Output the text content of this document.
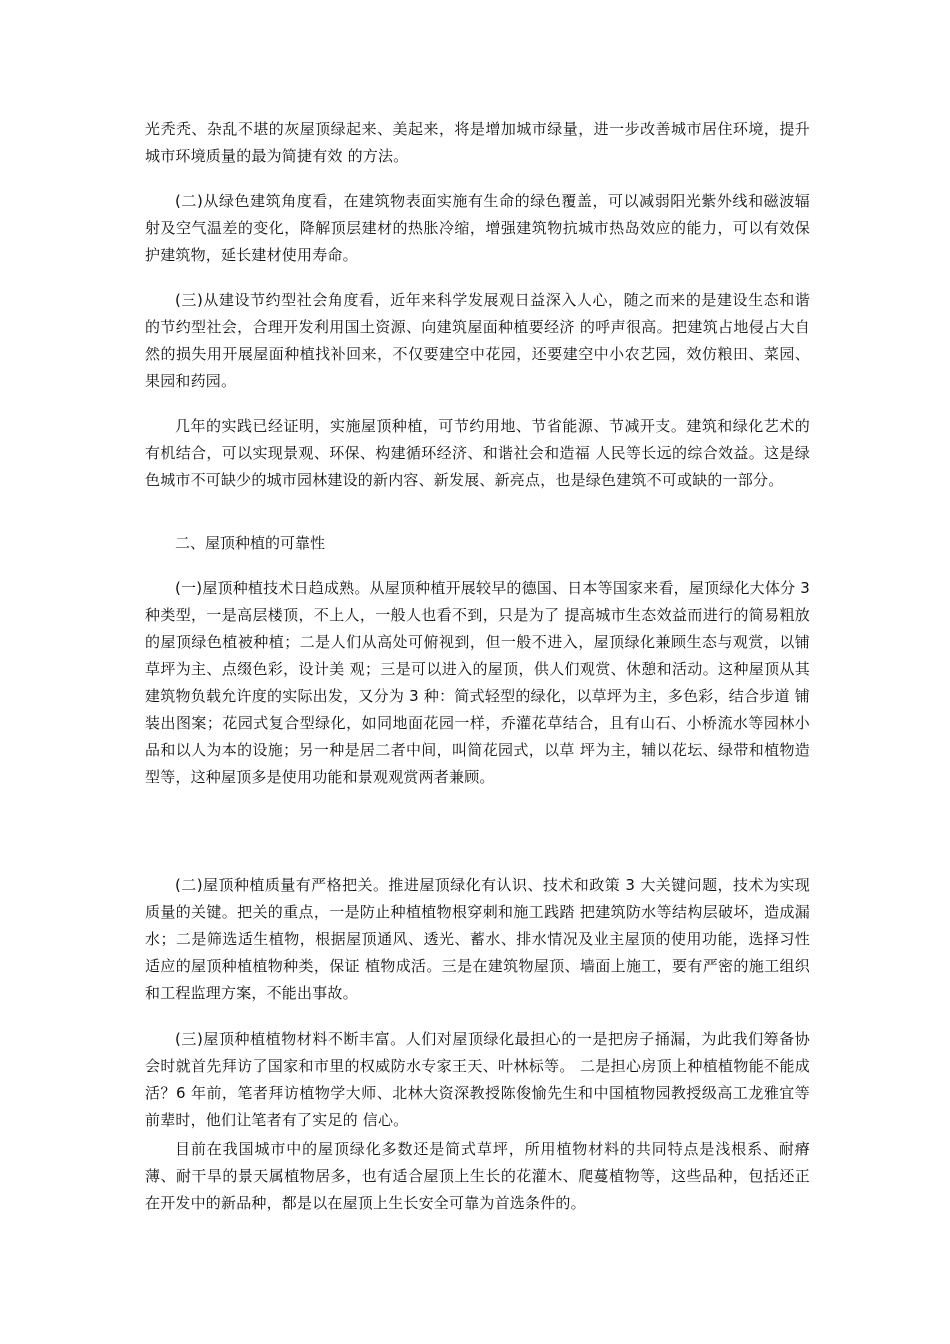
光秃秃、杂乱不堪的灰屋顶绿起来、美起来，将是增加城市绿量，进一步改善城市居住环境，提升城市环境质量的最为简捷有效 的方法。

(二)从绿色建筑角度看，在建筑物表面实施有生命的绿色覆盖，可以减弱阳光紫外线和磁波辐射及空气温差的变化，降解顶层建材的热胀冷缩，增强建筑物抗城市热岛效应的能力，可以有效保护建筑物，延长建材使用寿命。

(三)从建设节约型社会角度看，近年来科学发展观日益深入人心，随之而来的是建设生态和谐的节约型社会，合理开发利用国土资源、向建筑屋面种植要经济 的呼声很高。把建筑占地侵占大自然的损失用开展屋面种植找补回来，不仅要建空中花园，还要建空中小农艺园，效仿粮田、菜园、果园和药园。

几年的实践已经证明，实施屋顶种植，可节约用地、节省能源、节减开支。建筑和绿化艺术的有机结合，可以实现景观、环保、构建循环经济、和谐社会和造福 人民等长远的综合效益。这是绿色城市不可缺少的城市园林建设的新内容、新发展、新亮点，也是绿色建筑不可或缺的一部分。

二、屋顶种植的可靠性

(一)屋顶种植技术日趋成熟。从屋顶种植开展较早的德国、日本等国家来看，屋顶绿化大体分 3 种类型，一是高层楼顶，不上人，一般人也看不到，只是为了 提高城市生态效益而进行的简易粗放的屋顶绿色植被种植；二是人们从高处可俯视到，但一般不进入，屋顶绿化兼顾生态与观赏，以铺草坪为主、点缀色彩，设计美 观；三是可以进入的屋顶，供人们观赏、休憩和活动。这种屋顶从其建筑物负载允许度的实际出发，又分为 3 种：简式轻型的绿化，以草坪为主，多色彩，结合步道 铺装出图案；花园式复合型绿化，如同地面花园一样，乔灌花草结合，且有山石、小桥流水等园林小品和以人为本的设施；另一种是居二者中间，叫简花园式，以草 坪为主，辅以花坛、绿带和植物造型等，这种屋顶多是使用功能和景观观赏两者兼顾。

(二)屋顶种植质量有严格把关。推进屋顶绿化有认识、技术和政策 3 大关键问题，技术为实现质量的关键。把关的重点，一是防止种植植物根穿刺和施工践踏 把建筑防水等结构层破坏，造成漏水；二是筛选适生植物，根据屋顶通风、透光、蓄水、排水情况及业主屋顶的使用功能，选择习性适应的屋顶种植植物种类，保证 植物成活。三是在建筑物屋顶、墙面上施工，要有严密的施工组织和工程监理方案，不能出事故。

(三)屋顶种植植物材料不断丰富。人们对屋顶绿化最担心的一是把房子捅漏，为此我们筹备协会时就首先拜访了国家和市里的权威防水专家王天、叶林标等。 二是担心房顶上种植植物能不能成活？6 年前，笔者拜访植物学大师、北林大资深教授陈俊愉先生和中国植物园教授级高工龙雅宜等前辈时，他们让笔者有了实足的 信心。

目前在我国城市中的屋顶绿化多数还是简式草坪，所用植物材料的共同特点是浅根系、耐瘠薄、耐干旱的景天属植物居多，也有适合屋顶上生长的花灌木、爬蔓植物等，这些品种，包括还正在开发中的新品种，都是以在屋顶上生长安全可靠为首选条件的。
